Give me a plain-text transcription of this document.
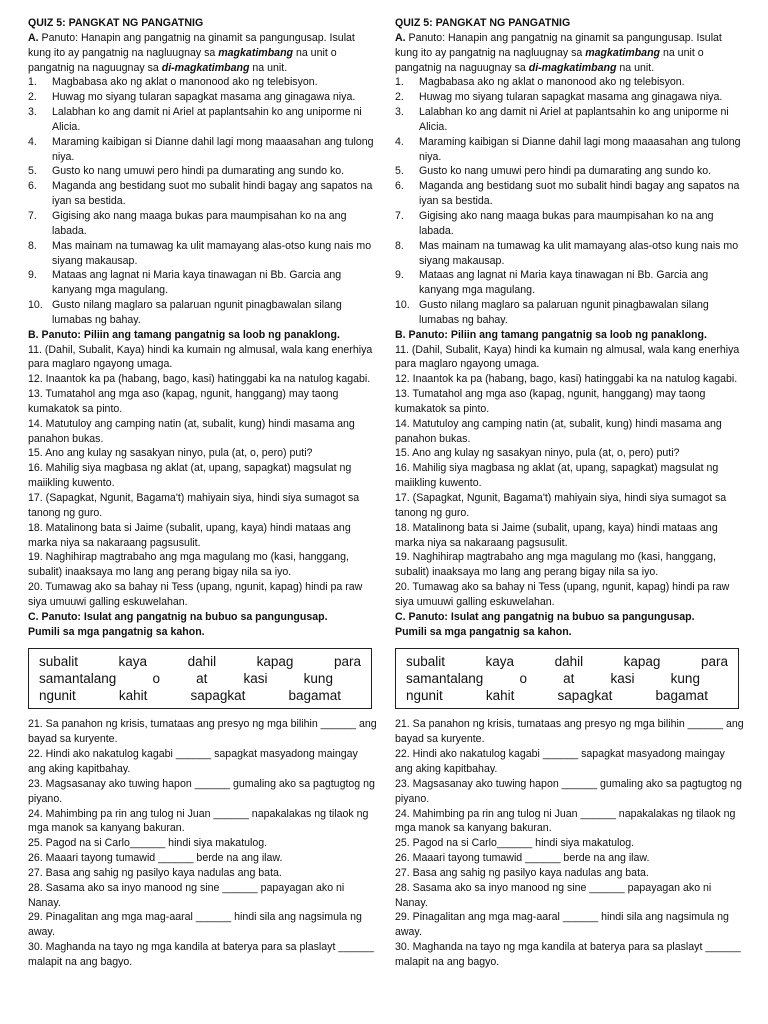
QUIZ 5: PANGKAT NG PANGATNIG
A. Panuto: Hanapin ang pangatnig na ginamit sa pangungusap. Isulat kung ito ay pangatnig na nagluugnay sa magkatimbang na unit o pangatnig na naguugnay sa di-magkatimbang na unit.
1.	Magbabasa ako ng aklat o manonood ako ng telebisyon.
2.	Huwag mo siyang tularan sapagkat masama ang ginagawa niya.
3.	Lalabhan ko ang damit ni Ariel at paplantsahin ko ang uniporme ni Alicia.
4.	Maraming kaibigan si Dianne dahil lagi mong maaasahan ang tulong niya.
5.	Gusto ko nang umuwi pero hindi pa dumarating ang sundo ko.
6.	Maganda ang bestidang suot mo subalit hindi bagay ang sapatos na iyan sa bestida.
7.	Gigising ako nang maaga bukas para maumpisahan ko na ang labada.
8.	Mas mainam na tumawag ka ulit mamayang alas-otso kung nais mo siyang makausap.
9.	Mataas ang lagnat ni Maria kaya tinawagan ni Bb. Garcia ang kanyang mga magulang.
10. Gusto nilang maglaro sa palaruan ngunit pinagbawalan silang lumabas ng bahay.
B. Panuto: Piliin ang tamang pangatnig sa loob ng panaklong.

11. (Dahil, Subalit, Kaya) hindi ka kumain ng almusal, wala kang enerhiya para maglaro ngayong umaga.

12. Inaantok ka pa (habang, bago, kasi) hatinggabi ka na natulog kagabi.

13. Tumatahol ang mga aso (kapag, ngunit, hanggang) may taong kumakatok sa pinto.

14. Matutuloy ang camping natin (at, subalit, kung) hindi masama ang panahon bukas.

15. Ano ang kulay ng sasakyan ninyo, pula (at, o, pero) puti?

16. Mahilig siya magbasa ng aklat (at, upang, sapagkat) magsulat ng maiikling kuwento.

17. (Sapagkat, Ngunit, Bagama't) mahiyain siya, hindi siya sumagot sa tanong ng guro.

18. Matalinong bata si Jaime (subalit, upang, kaya) hindi mataas ang marka niya sa nakaraang pagsusulit.

19. Naghihirap magtrabaho ang mga magulang mo (kasi, hanggang, subalit) inaaksaya mo lang ang perang bigay nila sa iyo.

20. Tumawag ako sa bahay ni Tess (upang, ngunit, kapag) hindi pa raw siya umuuwi galling eskuwelahan.

C. Panuto: Isulat ang pangatnig na bubuo sa pangungusap.
Pumili sa mga pangatnig sa kahon.
subalit	kaya	dahil	kapag	para
samantalang	o	at	kasi	kung
ngunit	kahit	sapagkat	bagamat

21. Sa panahon ng krisis, tumataas ang presyo ng mga bilihin ______ ang bayad sa kuryente.

22. Hindi ako nakatulog kagabi ______ sapagkat masyadong maingay ang aking kapitbahay.

23. Magsasanay ako tuwing hapon ______ gumaling ako sa pagtugtog ng piyano.

24. Mahimbing pa rin ang tulog ni Juan ______ napakalakas ng tilaok ng mga manok sa kanyang bakuran.

25. Pagod na si Carlo______ hindi siya makatulog.

26. Maaari tayong tumawid ______ berde na ang ilaw.

27. Basa ang sahig ng pasilyo kaya nadulas ang bata.

28. Sasama ako sa inyo manood ng sine ______ papayagan ako ni Nanay.

29. Pinagalitan ang mga mag-aaral ______ hindi sila ang nagsimula ng away.

30. Maghanda na tayo ng mga kandila at baterya para sa plaslayt ______ malapit na ang bagyo.

QUIZ 5: PANGKAT NG PANGATNIG
A. Panuto: Hanapin ang pangatnig na ginamit sa pangungusap. Isulat kung ito ay pangatnig na nagluugnay sa magkatimbang na unit o pangatnig na naguugnay sa di-magkatimbang na unit.
1.	Magbabasa ako ng aklat o manonood ako ng telebisyon.
2.	Huwag mo siyang tularan sapagkat masama ang ginagawa niya.
3.	Lalabhan ko ang damit ni Ariel at paplantsahin ko ang uniporme ni Alicia.
4.	Maraming kaibigan si Dianne dahil lagi mong maaasahan ang tulong niya.
5.	Gusto ko nang umuwi pero hindi pa dumarating ang sundo ko.
6.	Maganda ang bestidang suot mo subalit hindi bagay ang sapatos na iyan sa bestida.
7.	Gigising ako nang maaga bukas para maumpisahan ko na ang labada.
8.	Mas mainam na tumawag ka ulit mamayang alas-otso kung nais mo siyang makausap.
9.	Mataas ang lagnat ni Maria kaya tinawagan ni Bb. Garcia ang kanyang mga magulang.
10. Gusto nilang maglaro sa palaruan ngunit pinagbawalan silang lumabas ng bahay.
B. Panuto: Piliin ang tamang pangatnig sa loob ng panaklong.

11. (Dahil, Subalit, Kaya) hindi ka kumain ng almusal, wala kang enerhiya para maglaro ngayong umaga.

12. Inaantok ka pa (habang, bago, kasi) hatinggabi ka na natulog kagabi.

13. Tumatahol ang mga aso (kapag, ngunit, hanggang) may taong kumakatok sa pinto.

14. Matutuloy ang camping natin (at, subalit, kung) hindi masama ang panahon bukas.

15. Ano ang kulay ng sasakyan ninyo, pula (at, o, pero) puti?

16. Mahilig siya magbasa ng aklat (at, upang, sapagkat) magsulat ng maiikling kuwento.

17. (Sapagkat, Ngunit, Bagama't) mahiyain siya, hindi siya sumagot sa tanong ng guro.

18. Matalinong bata si Jaime (subalit, upang, kaya) hindi mataas ang marka niya sa nakaraang pagsusulit.

19. Naghihirap magtrabaho ang mga magulang mo (kasi, hanggang, subalit) inaaksaya mo lang ang perang bigay nila sa iyo.

20. Tumawag ako sa bahay ni Tess (upang, ngunit, kapag) hindi pa raw siya umuuwi galling eskuwelahan.

C. Panuto: Isulat ang pangatnig na bubuo sa pangungusap.
Pumili sa mga pangatnig sa kahon.
subalit	kaya	dahil	kapag	para
samantalang	o	at	kasi	kung
ngunit	kahit	sapagkat	bagamat

21. Sa panahon ng krisis, tumataas ang presyo ng mga bilihin ______ ang bayad sa kuryente.

22. Hindi ako nakatulog kagabi ______ sapagkat masyadong maingay ang aking kapitbahay.

23. Magsasanay ako tuwing hapon ______ gumaling ako sa pagtugtog ng piyano.

24. Mahimbing pa rin ang tulog ni Juan ______ napakalakas ng tilaok ng mga manok sa kanyang bakuran.

25. Pagod na si Carlo______ hindi siya makatulog.

26. Maaari tayong tumawid ______ berde na ang ilaw.

27. Basa ang sahig ng pasilyo kaya nadulas ang bata.

28. Sasama ako sa inyo manood ng sine ______ papayagan ako ni Nanay.

29. Pinagalitan ang mga mag-aaral ______ hindi sila ang nagsimula ng away.

30. Maghanda na tayo ng mga kandila at baterya para sa plaslayt ______ malapit na ang bagyo.
